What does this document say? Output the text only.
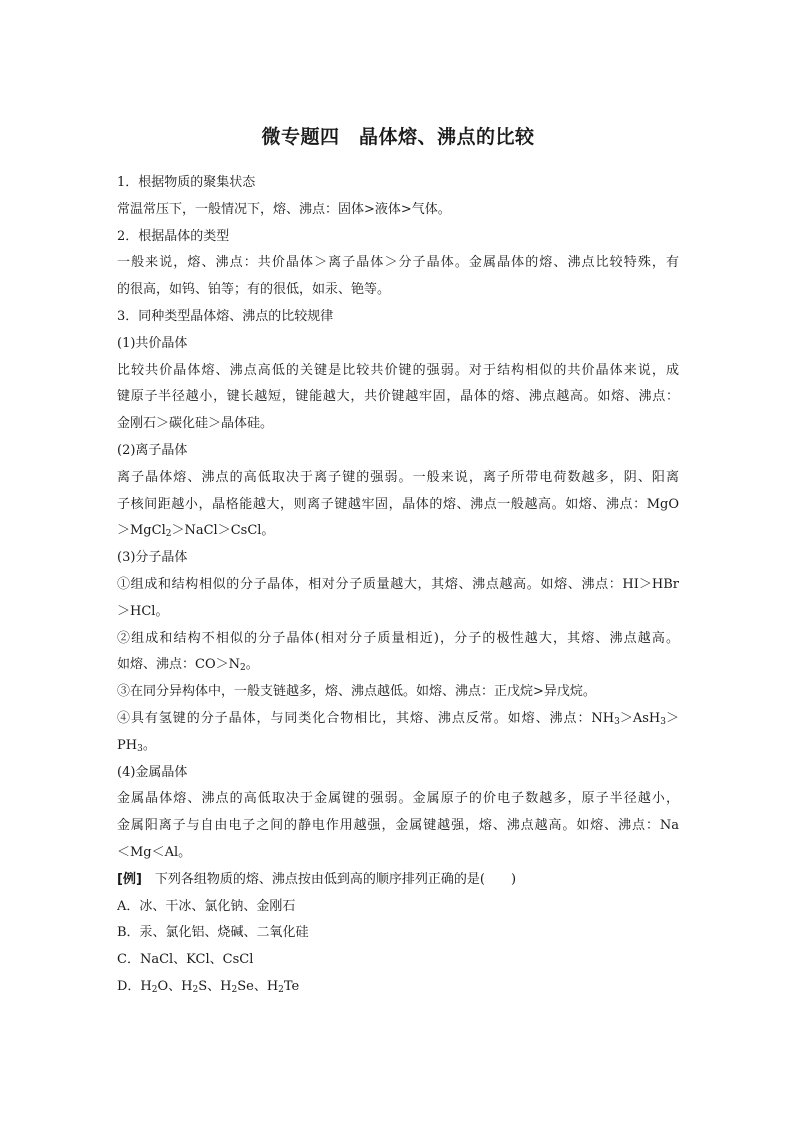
微专题四　晶体熔、沸点的比较
1．根据物质的聚集状态
常温常压下，一般情况下，熔、沸点：固体>液体>气体。
2．根据晶体的类型
一般来说，熔、沸点：共价晶体＞离子晶体＞分子晶体。金属晶体的熔、沸点比较特殊，有
的很高，如钨、铂等；有的很低，如汞、铯等。
3．同种类型晶体熔、沸点的比较规律
(1)共价晶体
比较共价晶体熔、沸点高低的关键是比较共价键的强弱。对于结构相似的共价晶体来说，成
键原子半径越小，键长越短，键能越大，共价键越牢固，晶体的熔、沸点越高。如熔、沸点：
金刚石＞碳化硅＞晶体硅。
(2)离子晶体
离子晶体熔、沸点的高低取决于离子键的强弱。一般来说，离子所带电荷数越多，阴、阳离
子核间距越小，晶格能越大，则离子键越牢固，晶体的熔、沸点一般越高。如熔、沸点：MgO
＞MgCl$_2$＞NaCl＞CsCl。
(3)分子晶体
①组成和结构相似的分子晶体，相对分子质量越大，其熔、沸点越高。如熔、沸点：HI＞HBr
＞HCl。
②组成和结构不相似的分子晶体(相对分子质量相近)，分子的极性越大，其熔、沸点越高。
如熔、沸点：$CO>N_2$。
③在同分异构体中，一般支链越多，熔、沸点越低。如熔、沸点：正戊烷>异戊烷。
④具有氢键的分子晶体，与同类化合物相比，其熔、沸点反常。如熔、沸点：$NH_3>AsH_3>$
$PH_3$。
(4)金属晶体
金属晶体熔、沸点的高低取决于金属键的强弱。金属原子的价电子数越多，原子半径越小，
金属阳离子与自由电子之间的静电作用越强，金属键越强，熔、沸点越高。如熔、沸点：Na
＜Mg＜Al。
[例]　下列各组物质的熔、沸点按由低到高的顺序排列正确的是(　　)
A．冰、干冰、氯化钠、金刚石
B．汞、氯化铝、烧碱、二氧化硅
C．NaCl、KCl、CsCl
D．$H_2O$、$H_2S$、$H_2Se$、$H_2Te$
